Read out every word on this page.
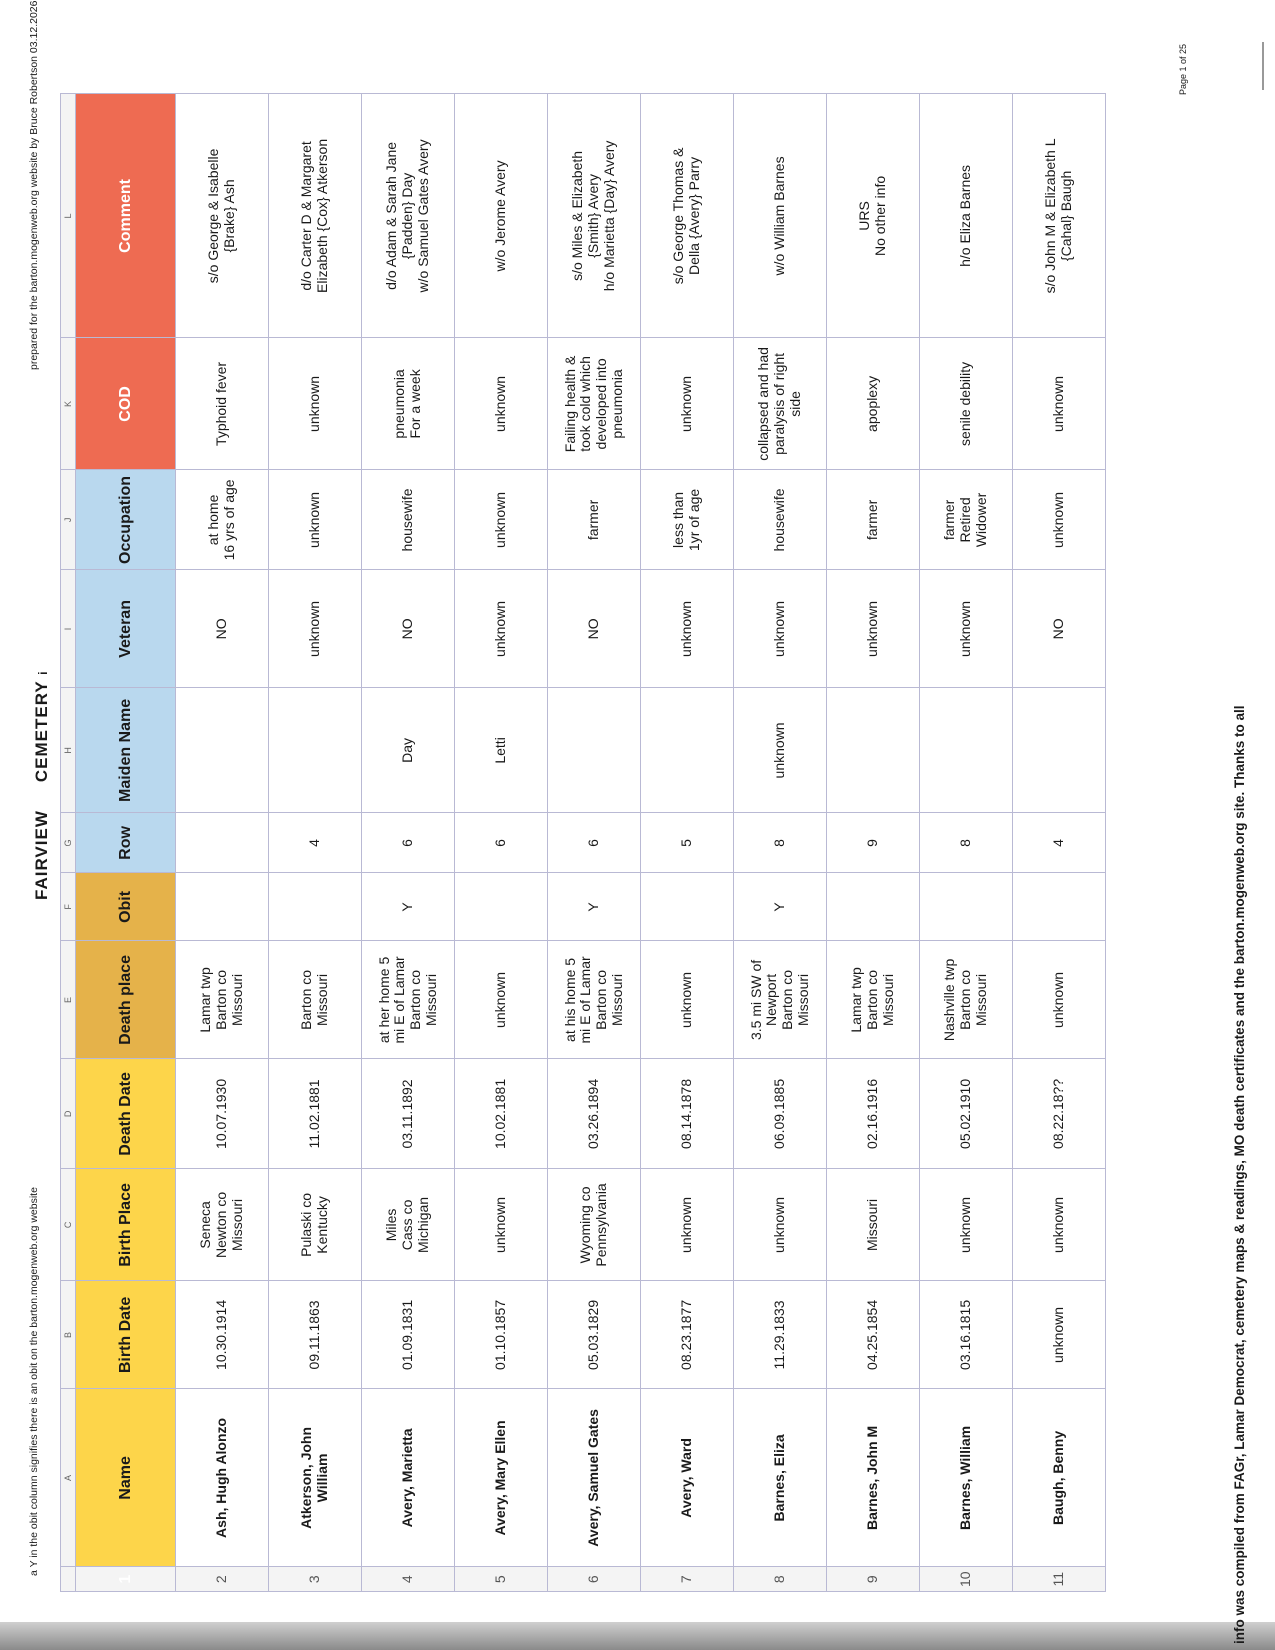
a Y in the obit column signifies there is an obit on the barton.mogenweb.org website
FAIRVIEWCEMETERY i
prepared for the barton.mogenweb.org website by Bruce Robertson 03.12.2026
	A	B	C	D	E	F	G	H	I	J	K	L
1	Name	Birth Date	Birth Place	Death Date	Death place	Obit	Row	Maiden Name	Veteran	Occupation	COD	Comment
2	Ash, Hugh Alonzo	10.30.1914	Seneca
Newton co
Missouri	10.07.1930	Lamar twp
Barton co
Missouri				NO	at home
16 yrs of age	Typhoid fever	s/o George & Isabelle
{Brake} Ash
3	Atkerson, John
William	09.11.1863	Pulaski co
Kentucky	11.02.1881	Barton co
Missouri		4		unknown	unknown	unknown	d/o Carter D & Margaret
Elizabeth {Cox} Atkerson
4	Avery, Marietta	01.09.1831	Miles
Cass co
Michigan	03.11.1892	at her home 5
mi E of Lamar
Barton co
Missouri	Y	6	Day	NO	housewife	pneumonia
For a week	d/o Adam & Sarah Jane
{Padden} Day
w/o Samuel Gates Avery
5	Avery, Mary Ellen	01.10.1857	unknown	10.02.1881	unknown		6	Letti	unknown	unknown	unknown	w/o Jerome Avery
6	Avery, Samuel Gates	05.03.1829	Wyoming co
Pennsylvania	03.26.1894	at his home 5
mi E of Lamar
Barton co
Missouri	Y	6		NO	farmer	Failing health &
took cold which
developed into
pneumonia	s/o Miles & Elizabeth
{Smith} Avery
h/o Marietta {Day} Avery
7	Avery, Ward	08.23.1877	unknown	08.14.1878	unknown		5		unknown	less than
1yr of age	unknown	s/o George Thomas &
Della {Avery} Parry
8	Barnes, Eliza	11.29.1833	unknown	06.09.1885	3.5 mi SW of
Newport
Barton co
Missouri	Y	8	unknown	unknown	housewife	collapsed and had
paralysis of right
side	w/o William Barnes
9	Barnes, John M	04.25.1854	Missouri	02.16.1916	Lamar twp
Barton co
Missouri		9		unknown	farmer	apoplexy	URS
No other info
10	Barnes, William	03.16.1815	unknown	05.02.1910	Nashville twp
Barton co
Missouri		8		unknown	farmer
Retired
Widower	senile debility	h/o Eliza Barnes
11	Baugh, Benny	unknown	unknown	08.22.18??	unknown		4		NO	unknown	unknown	s/o John M & Elizabeth L
{Cahal} Baugh
info was compiled from FAGr, Lamar Democrat, cemetery maps & readings, MO death certificates and the barton.mogenweb.org site. Thanks to all
Page 1 of 25
